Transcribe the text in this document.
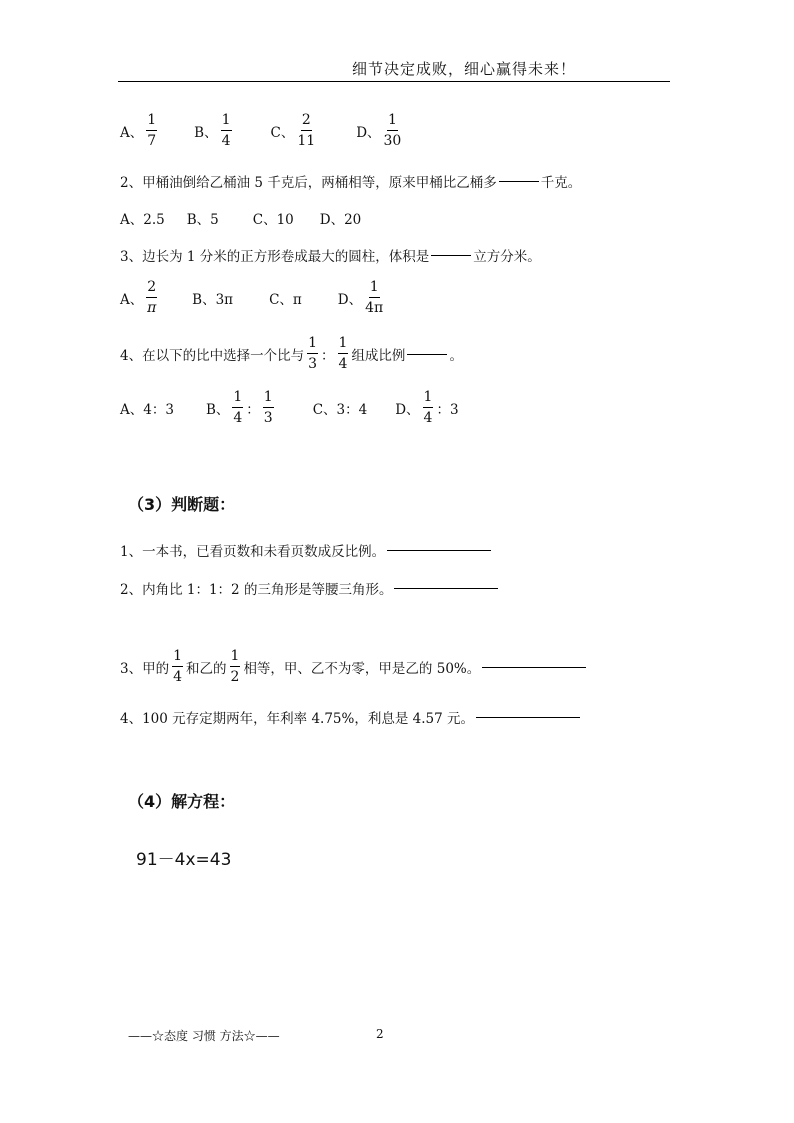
细节决定成败，细心赢得未来！
A、 $\frac{1}{7}$	B、 $\frac{1}{4}$	C、 $\frac{2}{11}$	D、 $\frac{1}{30}$
2、甲桶油倒给乙桶油 5 千克后，两桶相等，原来甲桶比乙桶多	千克。
A、2.5 B、5	C、10 D、20
3、边长为 1 分米的正方形卷成最大的圆柱，体积是	立方分米。
A、 $\frac{2}{\pi}$	B、3π	C、π	D、 $\frac{1}{4\pi}$
4、在以下的比中选择一个比与 $\frac{1}{3}$ ： $\frac{1}{4}$ 组成比例	。
A、4：3 B、 $\frac{1}{4}$ ： $\frac{1}{3}$	C、3：4 D、 $\frac{1}{4}$ ：3
（3）判断题：
1、一本书，已看页数和未看页数成反比例。
2、内角比 1：1：2 的三角形是等腰三角形。
3、甲的 $\frac{1}{4}$ 和乙的 $\frac{1}{2}$ 相等，甲、乙不为零，甲是乙的 50%。
4、100 元存定期两年，年利率 4.75%，利息是 4.57 元。
（4）解方程：
91－4x=43
——☆态度 习惯 方法☆——	2
